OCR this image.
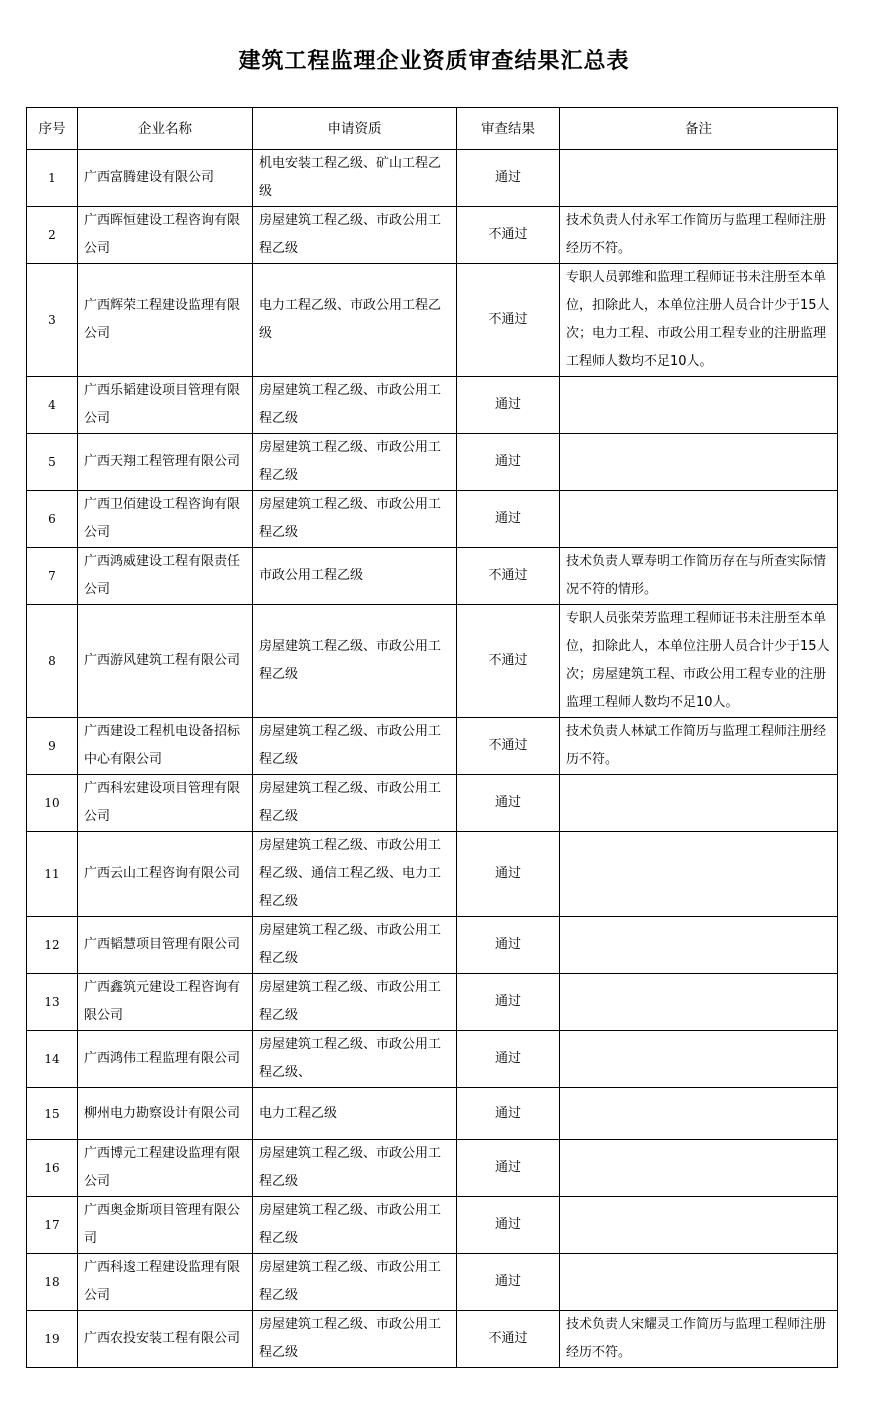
建筑工程监理企业资质审查结果汇总表
序号	企业名称	申请资质	审查结果	备注
1	广西富腾建设有限公司	机电安装工程乙级、矿山工程乙级	通过	
2	广西晖恒建设工程咨询有限公司	房屋建筑工程乙级、市政公用工程乙级	不通过	技术负责人付永军工作简历与监理工程师注册经历不符。
3	广西辉荣工程建设监理有限公司	电力工程乙级、市政公用工程乙级	不通过	专职人员郭维和监理工程师证书未注册至本单位，扣除此人，本单位注册人员合计少于15人次；电力工程、市政公用工程专业的注册监理工程师人数均不足10人。
4	广西乐韬建设项目管理有限公司	房屋建筑工程乙级、市政公用工程乙级	通过	
5	广西天翔工程管理有限公司	房屋建筑工程乙级、市政公用工程乙级	通过	
6	广西卫佰建设工程咨询有限公司	房屋建筑工程乙级、市政公用工程乙级	通过	
7	广西鸿威建设工程有限责任公司	市政公用工程乙级	不通过	技术负责人覃寿明工作简历存在与所查实际情况不符的情形。
8	广西游风建筑工程有限公司	房屋建筑工程乙级、市政公用工程乙级	不通过	专职人员张荣芳监理工程师证书未注册至本单位，扣除此人，本单位注册人员合计少于15人次；房屋建筑工程、市政公用工程专业的注册监理工程师人数均不足10人。
9	广西建设工程机电设备招标中心有限公司	房屋建筑工程乙级、市政公用工程乙级	不通过	技术负责人林斌工作简历与监理工程师注册经历不符。
10	广西科宏建设项目管理有限公司	房屋建筑工程乙级、市政公用工程乙级	通过	
11	广西云山工程咨询有限公司	房屋建筑工程乙级、市政公用工程乙级、通信工程乙级、电力工程乙级	通过	
12	广西韬慧项目管理有限公司	房屋建筑工程乙级、市政公用工程乙级	通过	
13	广西鑫筑元建设工程咨询有限公司	房屋建筑工程乙级、市政公用工程乙级	通过	
14	广西鸿伟工程监理有限公司	房屋建筑工程乙级、市政公用工程乙级、	通过	
15	柳州电力勘察设计有限公司	电力工程乙级	通过	
16	广西博元工程建设监理有限公司	房屋建筑工程乙级、市政公用工程乙级	通过	
17	广西奥金斯项目管理有限公司	房屋建筑工程乙级、市政公用工程乙级	通过	
18	广西科逡工程建设监理有限公司	房屋建筑工程乙级、市政公用工程乙级	通过	
19	广西农投安装工程有限公司	房屋建筑工程乙级、市政公用工程乙级	不通过	技术负责人宋耀灵工作简历与监理工程师注册经历不符。
